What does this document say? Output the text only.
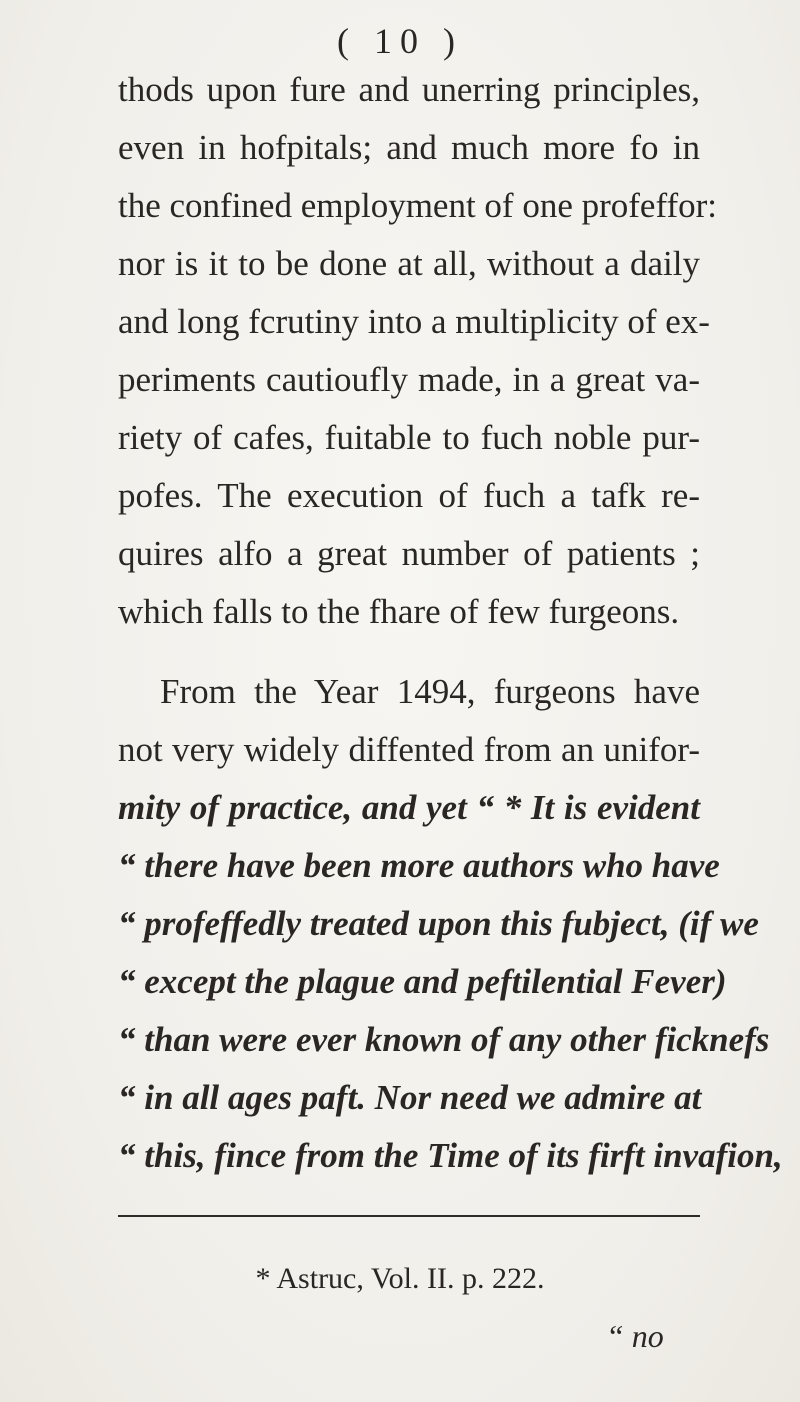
( 10 )
thods upon fure and unerring principles,
even in hofpitals; and much more fo in
the confined employment of one profeffor:
nor is it to be done at all, without a daily
and long fcrutiny into a multiplicity of ex-
periments cautioufly made, in a great va-
riety of cafes, fuitable to fuch noble pur-
pofes. The execution of fuch a tafk re-
quires alfo a great number of patients ;
which falls to the fhare of few furgeons.
From the Year 1494, furgeons have
not very widely diffented from an unifor-
mity of practice, and yet “ * It is evident
“ there have been more authors who have
“ profeffedly treated upon this fubject, (if we
“ except the plague and peftilential Fever)
“ than were ever known of any other ficknefs
“ in all ages paft. Nor need we admire at
“ this, fince from the Time of its firft invafion,
* Astruc, Vol. II. p. 222.
“ no
